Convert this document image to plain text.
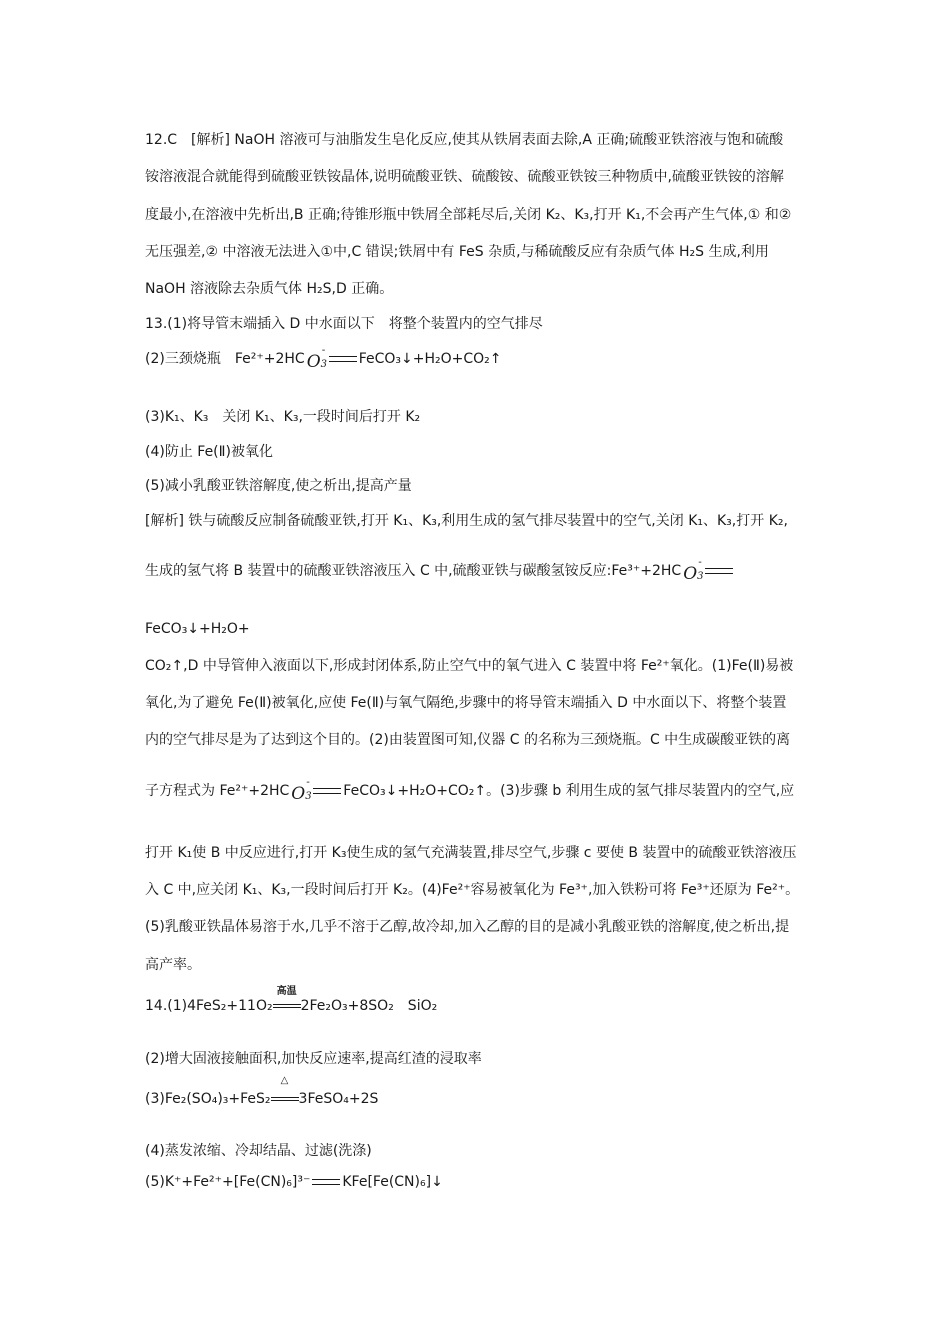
12.C　[解析] NaOH 溶液可与油脂发生皂化反应,使其从铁屑表面去除,A 正确;硫酸亚铁溶液与饱和硫酸
铵溶液混合就能得到硫酸亚铁铵晶体,说明硫酸亚铁、硫酸铵、硫酸亚铁铵三种物质中,硫酸亚铁铵的溶解
度最小,在溶液中先析出,B 正确;待锥形瓶中铁屑全部耗尽后,关闭 K₂、K₃,打开 K₁,不会再产生气体,① 和②
无压强差,② 中溶液无法进入①中,C 错误;铁屑中有 FeS 杂质,与稀硫酸反应有杂质气体 H₂S 生成,利用
NaOH 溶液除去杂质气体 H₂S,D 正确。
13.(1)将导管末端插入 D 中水面以下　将整个装置内的空气排尽
(2)三颈烧瓶　Fe²⁺+2HC O3
-
FeCO₃↓+H₂O+CO₂↑
(3)K₁、K₃　关闭 K₁、K₃,一段时间后打开 K₂
(4)防止 Fe(Ⅱ)被氧化
(5)减小乳酸亚铁溶解度,使之析出,提高产量
[解析] 铁与硫酸反应制备硫酸亚铁,打开 K₁、K₃,利用生成的氢气排尽装置中的空气,关闭 K₁、K₃,打开 K₂,
生成的氢气将 B 装置中的硫酸亚铁溶液压入 C 中,硫酸亚铁与碳酸氢铵反应:Fe³⁺+2HC O3
-
FeCO₃↓+H₂O+
CO₂↑,D 中导管伸入液面以下,形成封闭体系,防止空气中的氧气进入 C 装置中将 Fe²⁺氧化。(1)Fe(Ⅱ)易被
氧化,为了避免 Fe(Ⅱ)被氧化,应使 Fe(Ⅱ)与氧气隔绝,步骤中的将导管末端插入 D 中水面以下、将整个装置
内的空气排尽是为了达到这个目的。(2)由装置图可知,仪器 C 的名称为三颈烧瓶。C 中生成碳酸亚铁的离
子方程式为 Fe²⁺+2HC O3
-
FeCO₃↓+H₂O+CO₂↑。(3)步骤 b 利用生成的氢气排尽装置内的空气,应
打开 K₁使 B 中反应进行,打开 K₃使生成的氢气充满装置,排尽空气,步骤 c 要使 B 装置中的硫酸亚铁溶液压
入 C 中,应关闭 K₁、K₃,一段时间后打开 K₂。(4)Fe²⁺容易被氧化为 Fe³⁺,加入铁粉可将 Fe³⁺还原为 Fe²⁺。
(5)乳酸亚铁晶体易溶于水,几乎不溶于乙醇,故冷却,加入乙醇的目的是减小乳酸亚铁的溶解度,使之析出,提
高产率。
14.(1)4FeS₂+11O₂
高温
2Fe₂O₃+8SO₂　SiO₂
(2)增大固液接触面积,加快反应速率,提高红渣的浸取率
(3)Fe₂(SO₄)₃+FeS₂
△
3FeSO₄+2S
(4)蒸发浓缩、冷却结晶、过滤(洗涤)
(5)K⁺+Fe²⁺+[Fe(CN)₆]³⁻ KFe[Fe(CN)₆]↓
